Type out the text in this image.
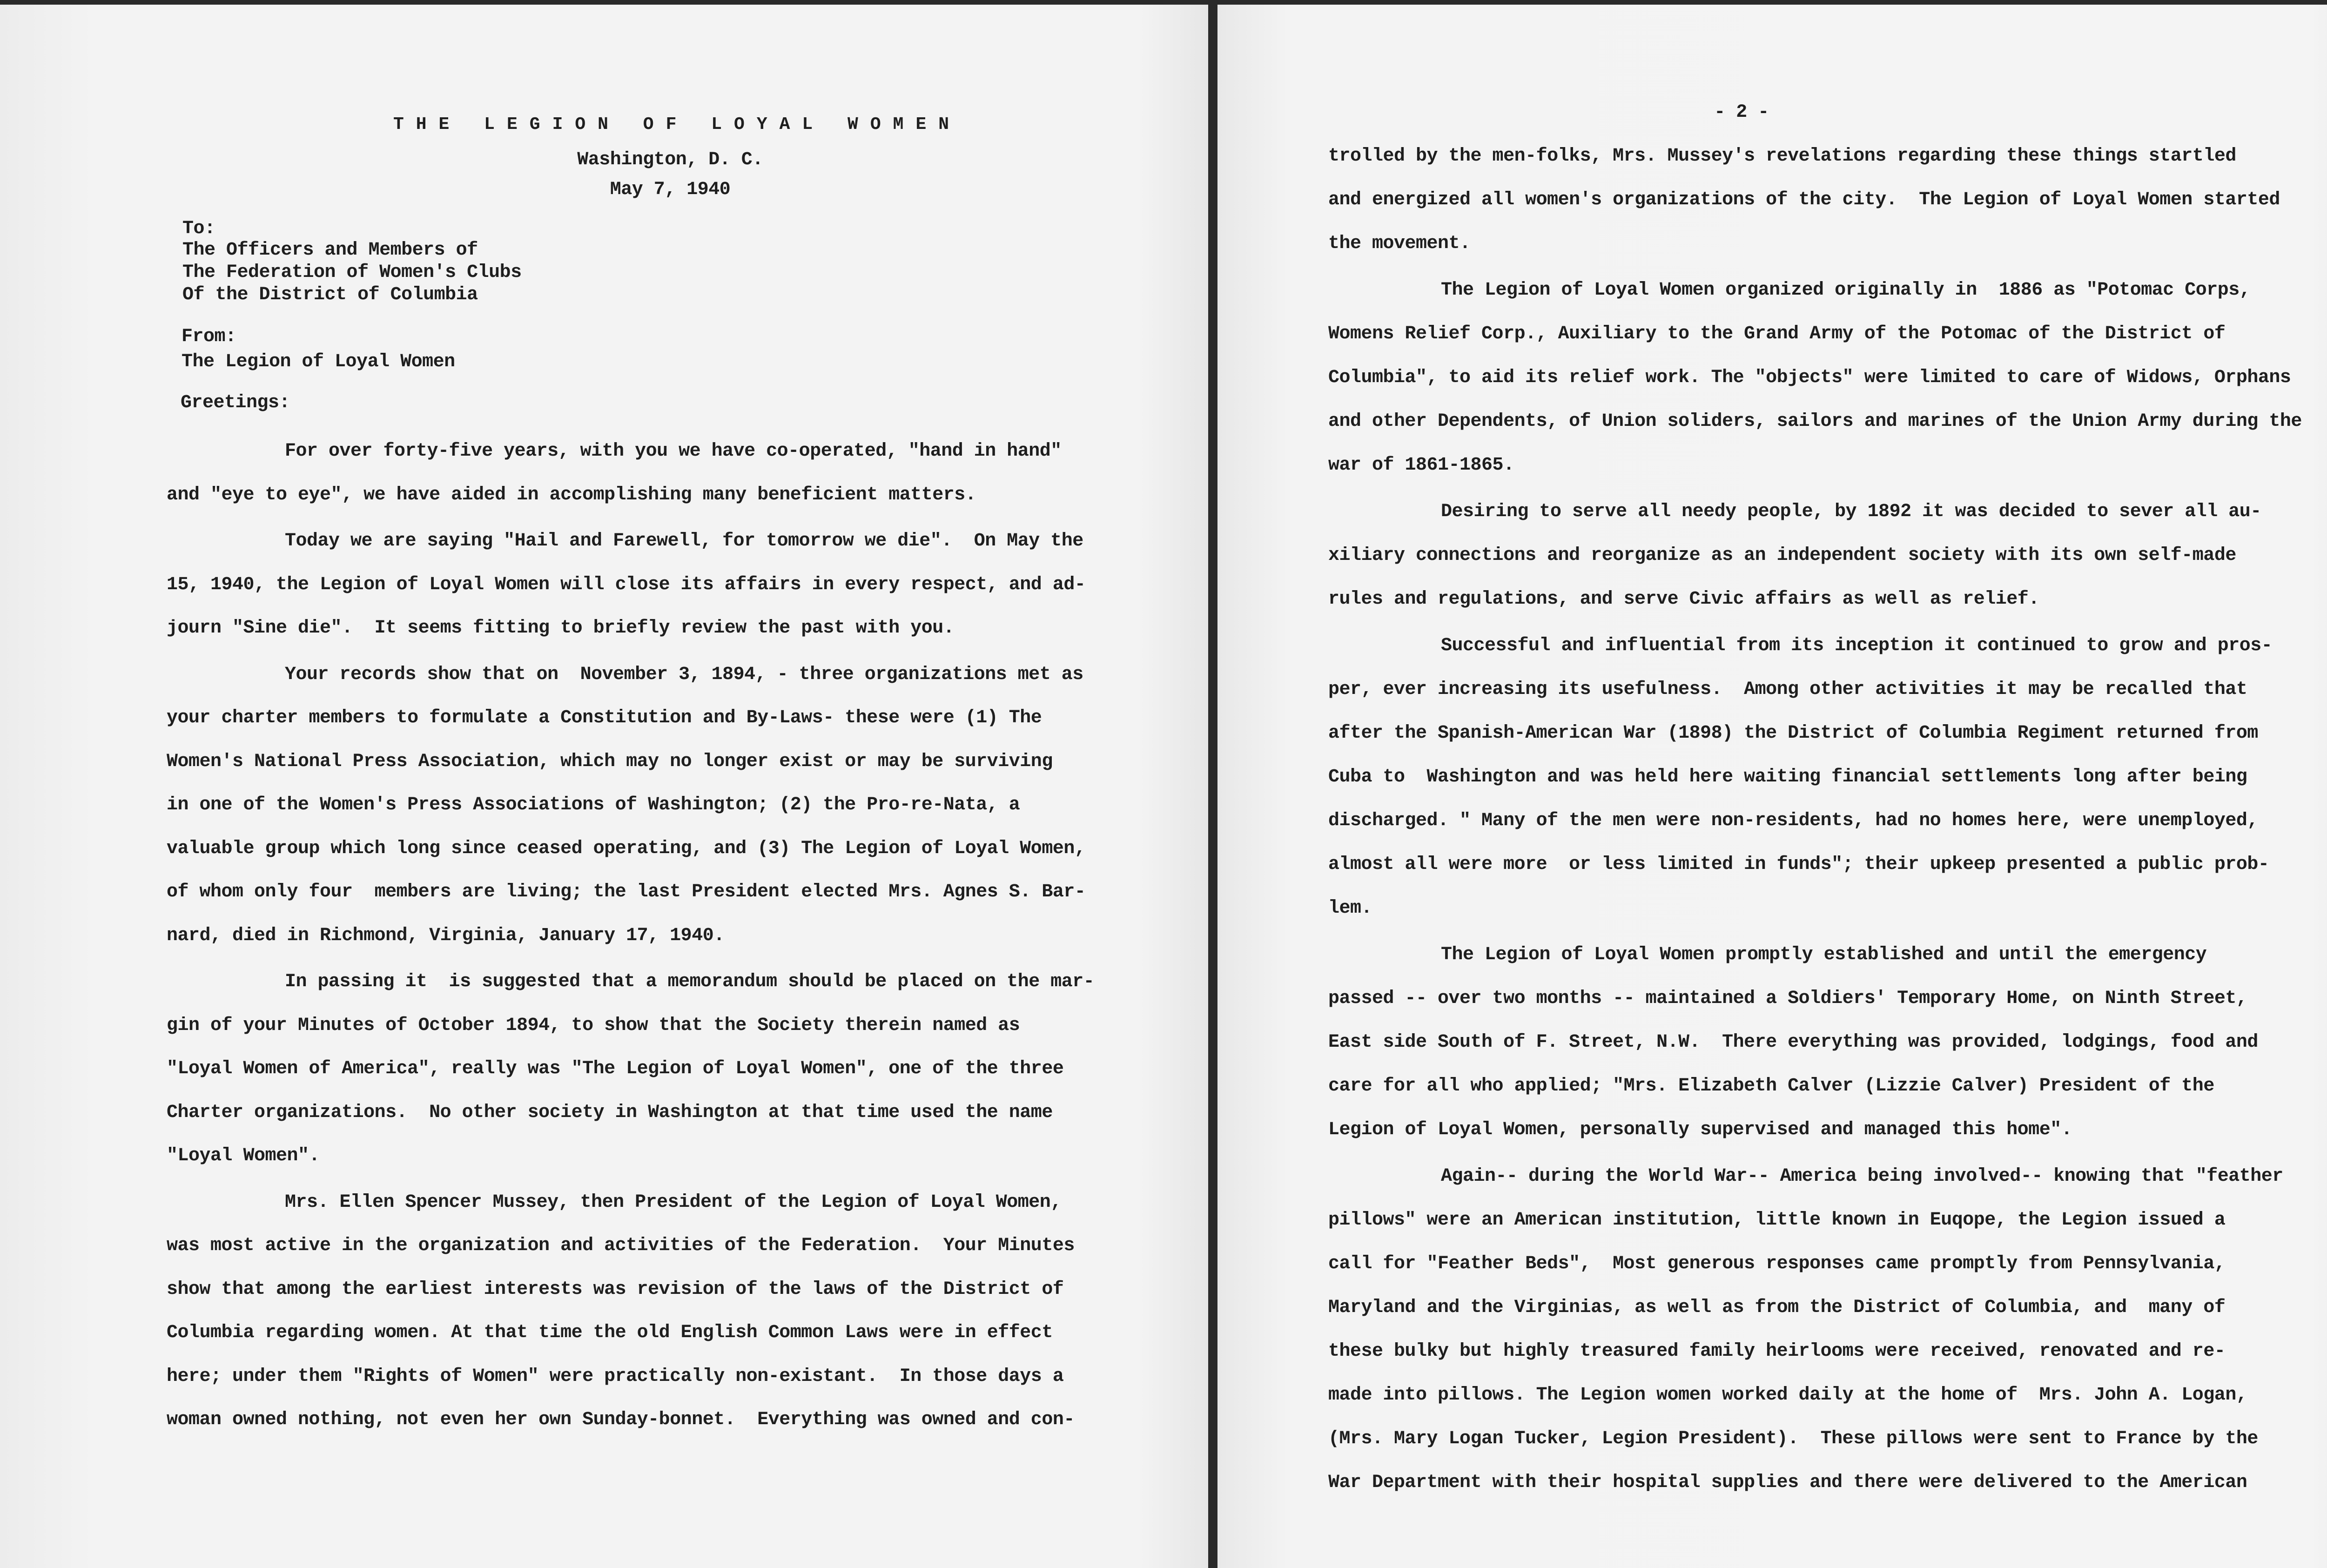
THE LEGION OF LOYAL WOMEN
Washington, D. C.
May 7, 1940
To:
The Officers and Members of
The Federation of Women's Clubs
Of the District of Columbia
From:
The Legion of Loyal Women
Greetings:
For over forty-five years, with you we have co-operated, "hand in hand"
and "eye to eye", we have aided in accomplishing many beneficient matters.
Today we are saying "Hail and Farewell, for tomorrow we die".  On May the
15, 1940, the Legion of Loyal Women will close its affairs in every respect, and ad-
journ "Sine die".  It seems fitting to briefly review the past with you.
Your records show that on  November 3, 1894, - three organizations met as
your charter members to formulate a Constitution and By-Laws- these were (1) The
Women's National Press Association, which may no longer exist or may be surviving
in one of the Women's Press Associations of Washington; (2) the Pro-re-Nata, a
valuable group which long since ceased operating, and (3) The Legion of Loyal Women,
of whom only four  members are living; the last President elected Mrs. Agnes S. Bar-
nard, died in Richmond, Virginia, January 17, 1940.
In passing it  is suggested that a memorandum should be placed on the mar-
gin of your Minutes of October 1894, to show that the Society therein named as
"Loyal Women of America", really was "The Legion of Loyal Women", one of the three
Charter organizations.  No other society in Washington at that time used the name
"Loyal Women".
Mrs. Ellen Spencer Mussey, then President of the Legion of Loyal Women,
was most active in the organization and activities of the Federation.  Your Minutes
show that among the earliest interests was revision of the laws of the District of
Columbia regarding women. At that time the old English Common Laws were in effect
here; under them "Rights of Women" were practically non-existant.  In those days a
woman owned nothing, not even her own Sunday-bonnet.  Everything was owned and con-
- 2 -
trolled by the men-folks, Mrs. Mussey's revelations regarding these things startled
and energized all women's organizations of the city.  The Legion of Loyal Women started
the movement.
The Legion of Loyal Women organized originally in  1886 as "Potomac Corps,
Womens Relief Corp., Auxiliary to the Grand Army of the Potomac of the District of
Columbia", to aid its relief work. The "objects" were limited to care of Widows, Orphans
and other Dependents, of Union soliders, sailors and marines of the Union Army during the
war of 1861-1865.
Desiring to serve all needy people, by 1892 it was decided to sever all au-
xiliary connections and reorganize as an independent society with its own self-made
rules and regulations, and serve Civic affairs as well as relief.
Successful and influential from its inception it continued to grow and pros-
per, ever increasing its usefulness.  Among other activities it may be recalled that
after the Spanish-American War (1898) the District of Columbia Regiment returned from
Cuba to  Washington and was held here waiting financial settlements long after being
discharged. " Many of the men were non-residents, had no homes here, were unemployed,
almost all were more  or less limited in funds"; their upkeep presented a public prob-
lem.
The Legion of Loyal Women promptly established and until the emergency
passed -- over two months -- maintained a Soldiers' Temporary Home, on Ninth Street,
East side South of F. Street, N.W.  There everything was provided, lodgings, food and
care for all who applied; "Mrs. Elizabeth Calver (Lizzie Calver) President of the
Legion of Loyal Women, personally supervised and managed this home".
Again-- during the World War-- America being involved-- knowing that "feather
pillows" were an American institution, little known in Euqope, the Legion issued a
call for "Feather Beds",  Most generous responses came promptly from Pennsylvania,
Maryland and the Virginias, as well as from the District of Columbia, and  many of
these bulky but highly treasured family heirlooms were received, renovated and re-
made into pillows. The Legion women worked daily at the home of  Mrs. John A. Logan,
(Mrs. Mary Logan Tucker, Legion President).  These pillows were sent to France by the
War Department with their hospital supplies and there were delivered to the American
